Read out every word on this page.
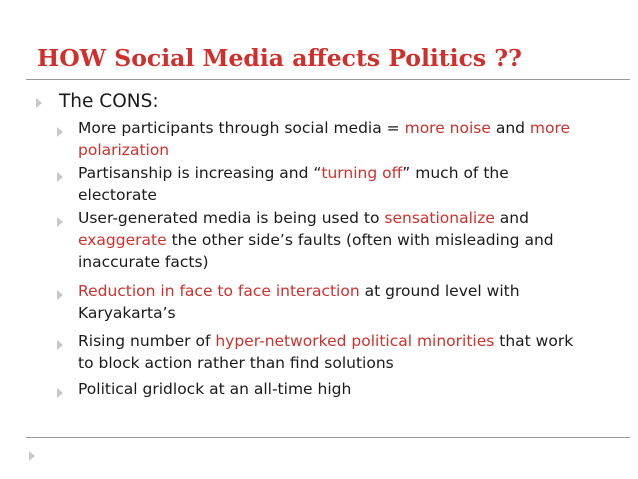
HOW Social Media affects Politics ??
The CONS:
More participants through social media = more noise and more polarization
Partisanship is increasing and “turning off” much of the electorate
User-generated media is being used to sensationalize and exaggerate the other side’s faults (often with misleading and inaccurate facts)
Reduction in face to face interaction at ground level with Karyakarta’s
Rising number of hyper-networked political minorities that work to block action rather than find solutions
Political gridlock at an all-time high
